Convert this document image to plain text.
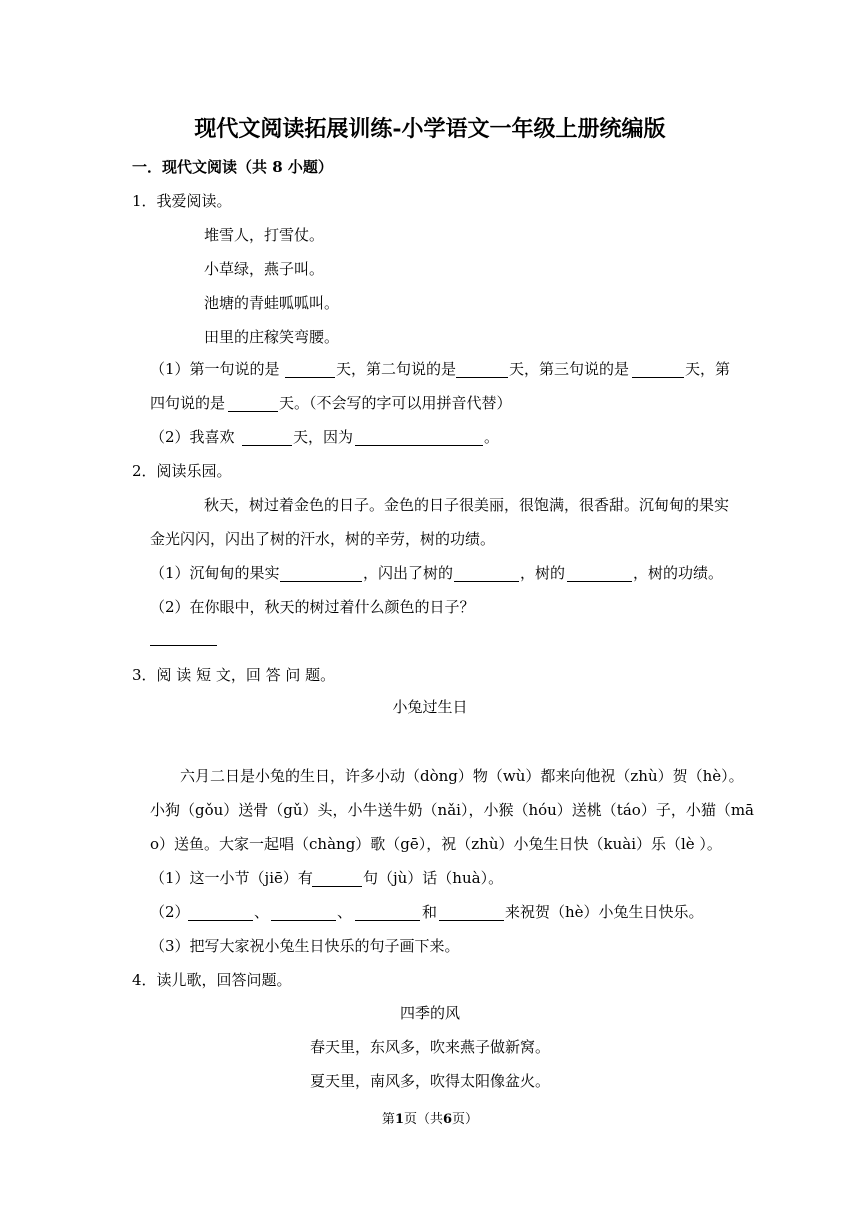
现代文阅读拓展训练-小学语文一年级上册统编版
一．现代文阅读（共 8 小题）
1．我爱阅读。
堆雪人，打雪仗。
小草绿，燕子叫。
池塘的青蛙呱呱叫。
田里的庄稼笑弯腰。
（1）第一句说的是	天，第二句说的是	天，第三句说的是	天，第
四句说的是	天。（不会写的字可以用拼音代替）
（2）我喜欢	天，因为	。
2．阅读乐园。
秋天，树过着金色的日子。金色的日子很美丽，很饱满，很香甜。沉甸甸的果实
金光闪闪，闪出了树的汗水，树的辛劳，树的功绩。
（1）沉甸甸的果实	，闪出了树的	，树的	，树的功绩。
（2）在你眼中，秋天的树过着什么颜色的日子？
3．阅 读 短 文，回 答 问 题。
小兔过生日
六月二日是小兔的生日，许多小动（dòng）物（wù）都来向他祝（zhù）贺（hè）。
小狗（gǒu）送骨（gǔ）头，小牛送牛奶（nǎi），小猴（hóu）送桃（táo）子，小猫（mā
o）送鱼。大家一起唱（chàng）歌（gē），祝（zhù）小兔生日快（kuài）乐（lè ）。
（1）这一小节（jiē）有	句（jù）话（huà）。
（2）	、	、	和	来祝贺（hè）小兔生日快乐。
（3）把写大家祝小兔生日快乐的句子画下来。
4．读儿歌，回答问题。
四季的风
春天里，东风多，吹来燕子做新窝。
夏天里，南风多，吹得太阳像盆火。
第1页（共6页）
